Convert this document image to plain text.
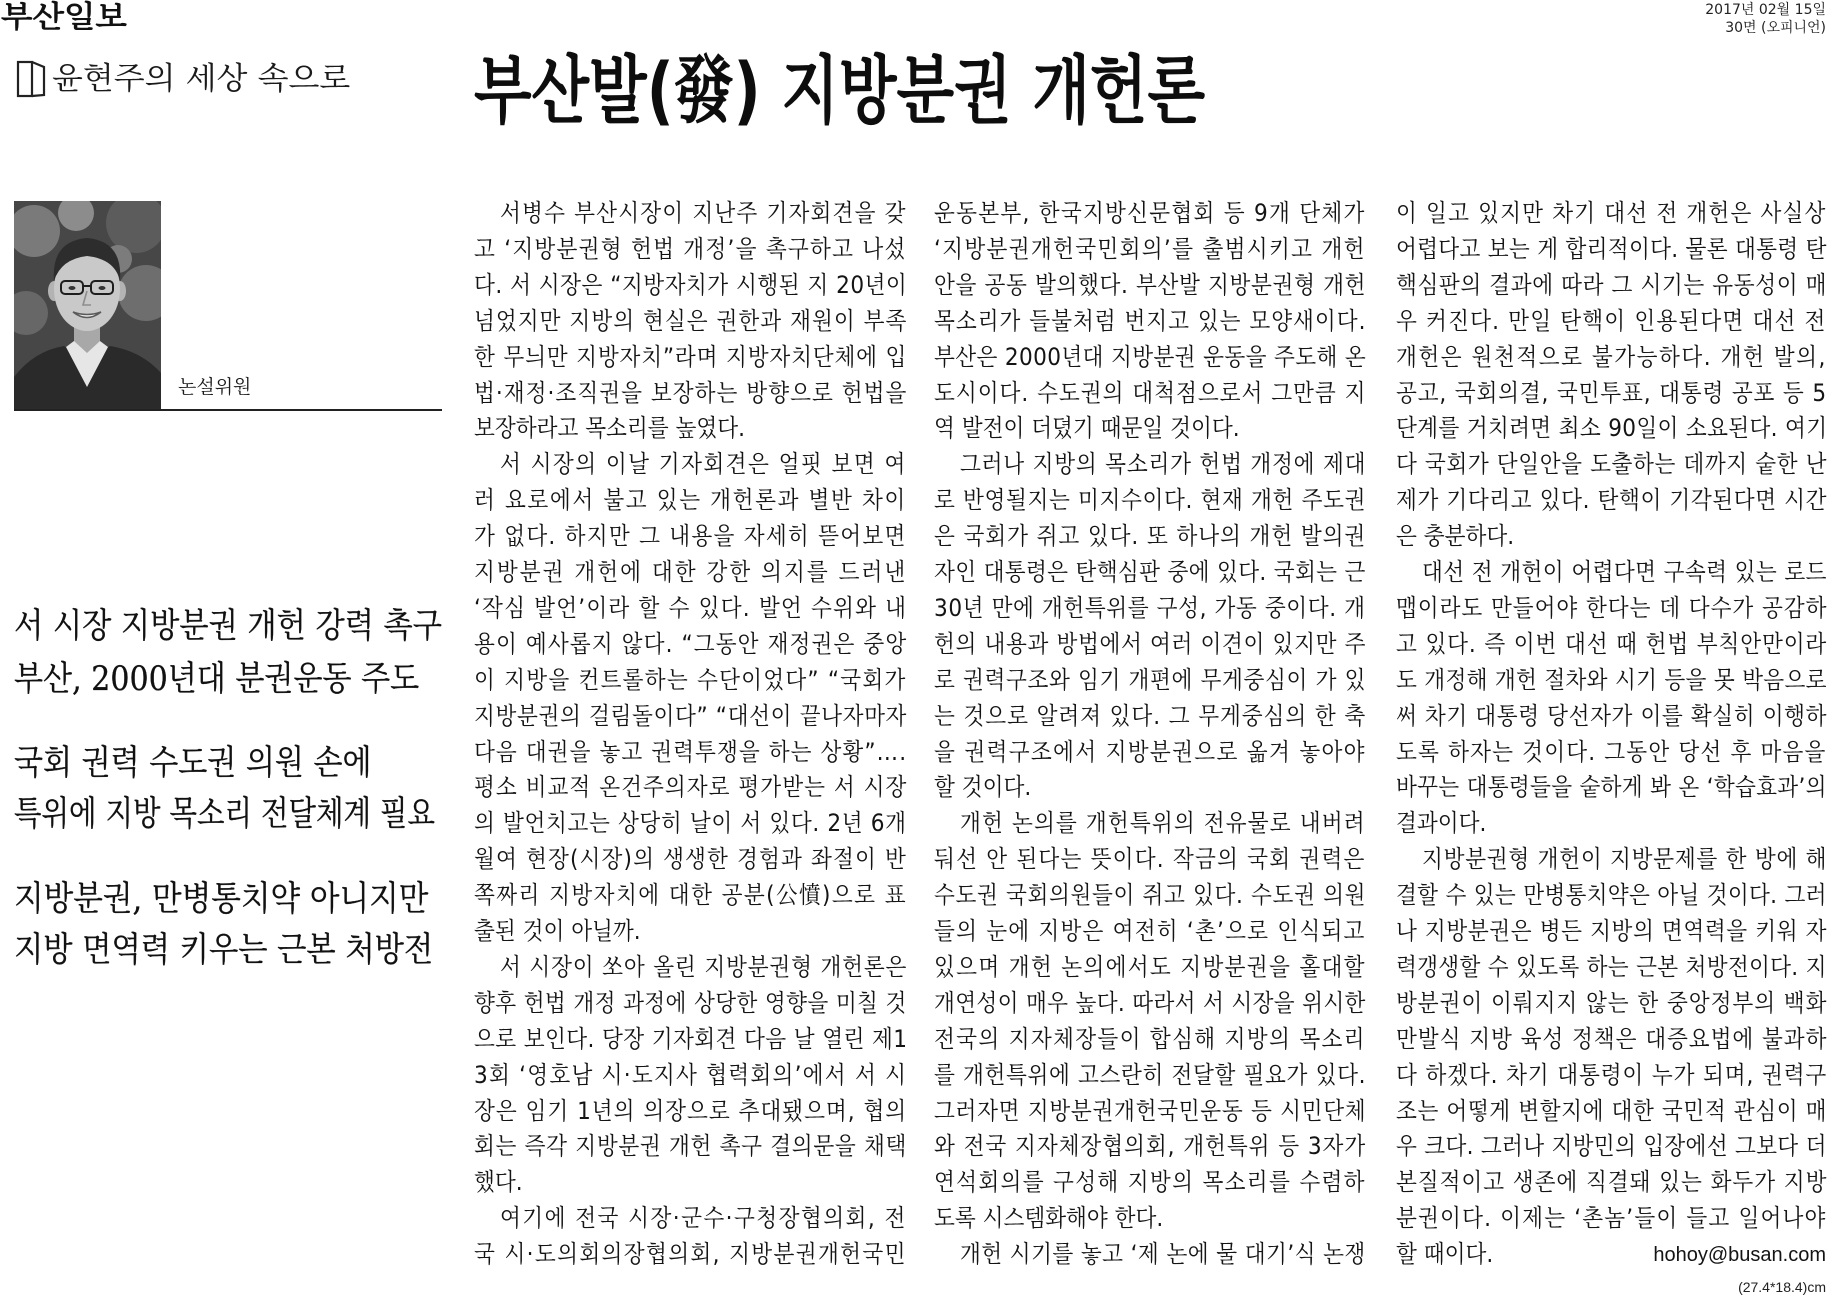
부산일보	2017년 02월 15일
30면 (오피니언)
윤현주의 세상 속으로 부산발(發) 지방분권 개헌론
논설위원
서 시장 지방분권 개헌 강력 촉구
부산, 2000년대 분권운동 주도
국회 권력 수도권 의원 손에
특위에 지방 목소리 전달체계 필요
지방분권, 만병통치약 아니지만
지방 면역력 키우는 근본 처방전
서병수 부산시장이 지난주 기자회견을 갖
고 ‘지방분권형 헌법 개정’을 촉구하고 나섰
다. 서 시장은 “지방자치가 시행된 지 20년이
넘었지만 지방의 현실은 권한과 재원이 부족
한 무늬만 지방자치”라며 지방자치단체에 입
법·재정·조직권을 보장하는 방향으로 헌법을
보장하라고 목소리를 높였다.
서 시장의 이날 기자회견은 얼핏 보면 여
러 요로에서 불고 있는 개헌론과 별반 차이
가 없다. 하지만 그 내용을 자세히 뜯어보면
지방분권 개헌에 대한 강한 의지를 드러낸
‘작심 발언’이라 할 수 있다. 발언 수위와 내
용이 예사롭지 않다. “그동안 재정권은 중앙
이 지방을 컨트롤하는 수단이었다” “국회가
지방분권의 걸림돌이다” “대선이 끝나자마자
다음 대권을 놓고 권력투쟁을 하는 상황”….
평소 비교적 온건주의자로 평가받는 서 시장
의 발언치고는 상당히 날이 서 있다. 2년 6개
월여 현장(시장)의 생생한 경험과 좌절이 반
쪽짜리 지방자치에 대한 공분(公憤)으로 표
출된 것이 아닐까.
서 시장이 쏘아 올린 지방분권형 개헌론은
향후 헌법 개정 과정에 상당한 영향을 미칠 것
으로 보인다. 당장 기자회견 다음 날 열린 제1
3회 ‘영호남 시·도지사 협력회의’에서 서 시
장은 임기 1년의 의장으로 추대됐으며, 협의
회는 즉각 지방분권 개헌 촉구 결의문을 채택
했다.
여기에 전국 시장·군수·구청장협의회, 전
국 시·도의회의장협의회, 지방분권개헌국민
운동본부, 한국지방신문협회 등 9개 단체가
‘지방분권개헌국민회의’를 출범시키고 개헌
안을 공동 발의했다. 부산발 지방분권형 개헌
목소리가 들불처럼 번지고 있는 모양새이다.
부산은 2000년대 지방분권 운동을 주도해 온
도시이다. 수도권의 대척점으로서 그만큼 지
역 발전이 더뎠기 때문일 것이다.
그러나 지방의 목소리가 헌법 개정에 제대
로 반영될지는 미지수이다. 현재 개헌 주도권
은 국회가 쥐고 있다. 또 하나의 개헌 발의권
자인 대통령은 탄핵심판 중에 있다. 국회는 근
30년 만에 개헌특위를 구성, 가동 중이다. 개
헌의 내용과 방법에서 여러 이견이 있지만 주
로 권력구조와 임기 개편에 무게중심이 가 있
는 것으로 알려져 있다. 그 무게중심의 한 축
을 권력구조에서 지방분권으로 옮겨 놓아야
할 것이다.
개헌 논의를 개헌특위의 전유물로 내버려
둬선 안 된다는 뜻이다. 작금의 국회 권력은
수도권 국회의원들이 쥐고 있다. 수도권 의원
들의 눈에 지방은 여전히 ‘촌’으로 인식되고
있으며 개헌 논의에서도 지방분권을 홀대할
개연성이 매우 높다. 따라서 서 시장을 위시한
전국의 지자체장들이 합심해 지방의 목소리
를 개헌특위에 고스란히 전달할 필요가 있다.
그러자면 지방분권개헌국민운동 등 시민단체
와 전국 지자체장협의회, 개헌특위 등 3자가
연석회의를 구성해 지방의 목소리를 수렴하
도록 시스템화해야 한다.
개헌 시기를 놓고 ‘제 논에 물 대기’식 논쟁
이 일고 있지만 차기 대선 전 개헌은 사실상
어렵다고 보는 게 합리적이다. 물론 대통령 탄
핵심판의 결과에 따라 그 시기는 유동성이 매
우 커진다. 만일 탄핵이 인용된다면 대선 전
개헌은 원천적으로 불가능하다. 개헌 발의,
공고, 국회의결, 국민투표, 대통령 공포 등 5
단계를 거치려면 최소 90일이 소요된다. 여기
다 국회가 단일안을 도출하는 데까지 숱한 난
제가 기다리고 있다. 탄핵이 기각된다면 시간
은 충분하다.
대선 전 개헌이 어렵다면 구속력 있는 로드
맵이라도 만들어야 한다는 데 다수가 공감하
고 있다. 즉 이번 대선 때 헌법 부칙안만이라
도 개정해 개헌 절차와 시기 등을 못 박음으로
써 차기 대통령 당선자가 이를 확실히 이행하
도록 하자는 것이다. 그동안 당선 후 마음을
바꾸는 대통령들을 숱하게 봐 온 ‘학습효과’의
결과이다.
지방분권형 개헌이 지방문제를 한 방에 해
결할 수 있는 만병통치약은 아닐 것이다. 그러
나 지방분권은 병든 지방의 면역력을 키워 자
력갱생할 수 있도록 하는 근본 처방전이다. 지
방분권이 이뤄지지 않는 한 중앙정부의 백화
만발식 지방 육성 정책은 대증요법에 불과하
다 하겠다. 차기 대통령이 누가 되며, 권력구
조는 어떻게 변할지에 대한 국민적 관심이 매
우 크다. 그러나 지방민의 입장에선 그보다 더
본질적이고 생존에 직결돼 있는 화두가 지방
분권이다. 이제는 ‘촌놈’들이 들고 일어나야
할 때이다.	hohoy@busan.com
(27.4*18.4)cm
